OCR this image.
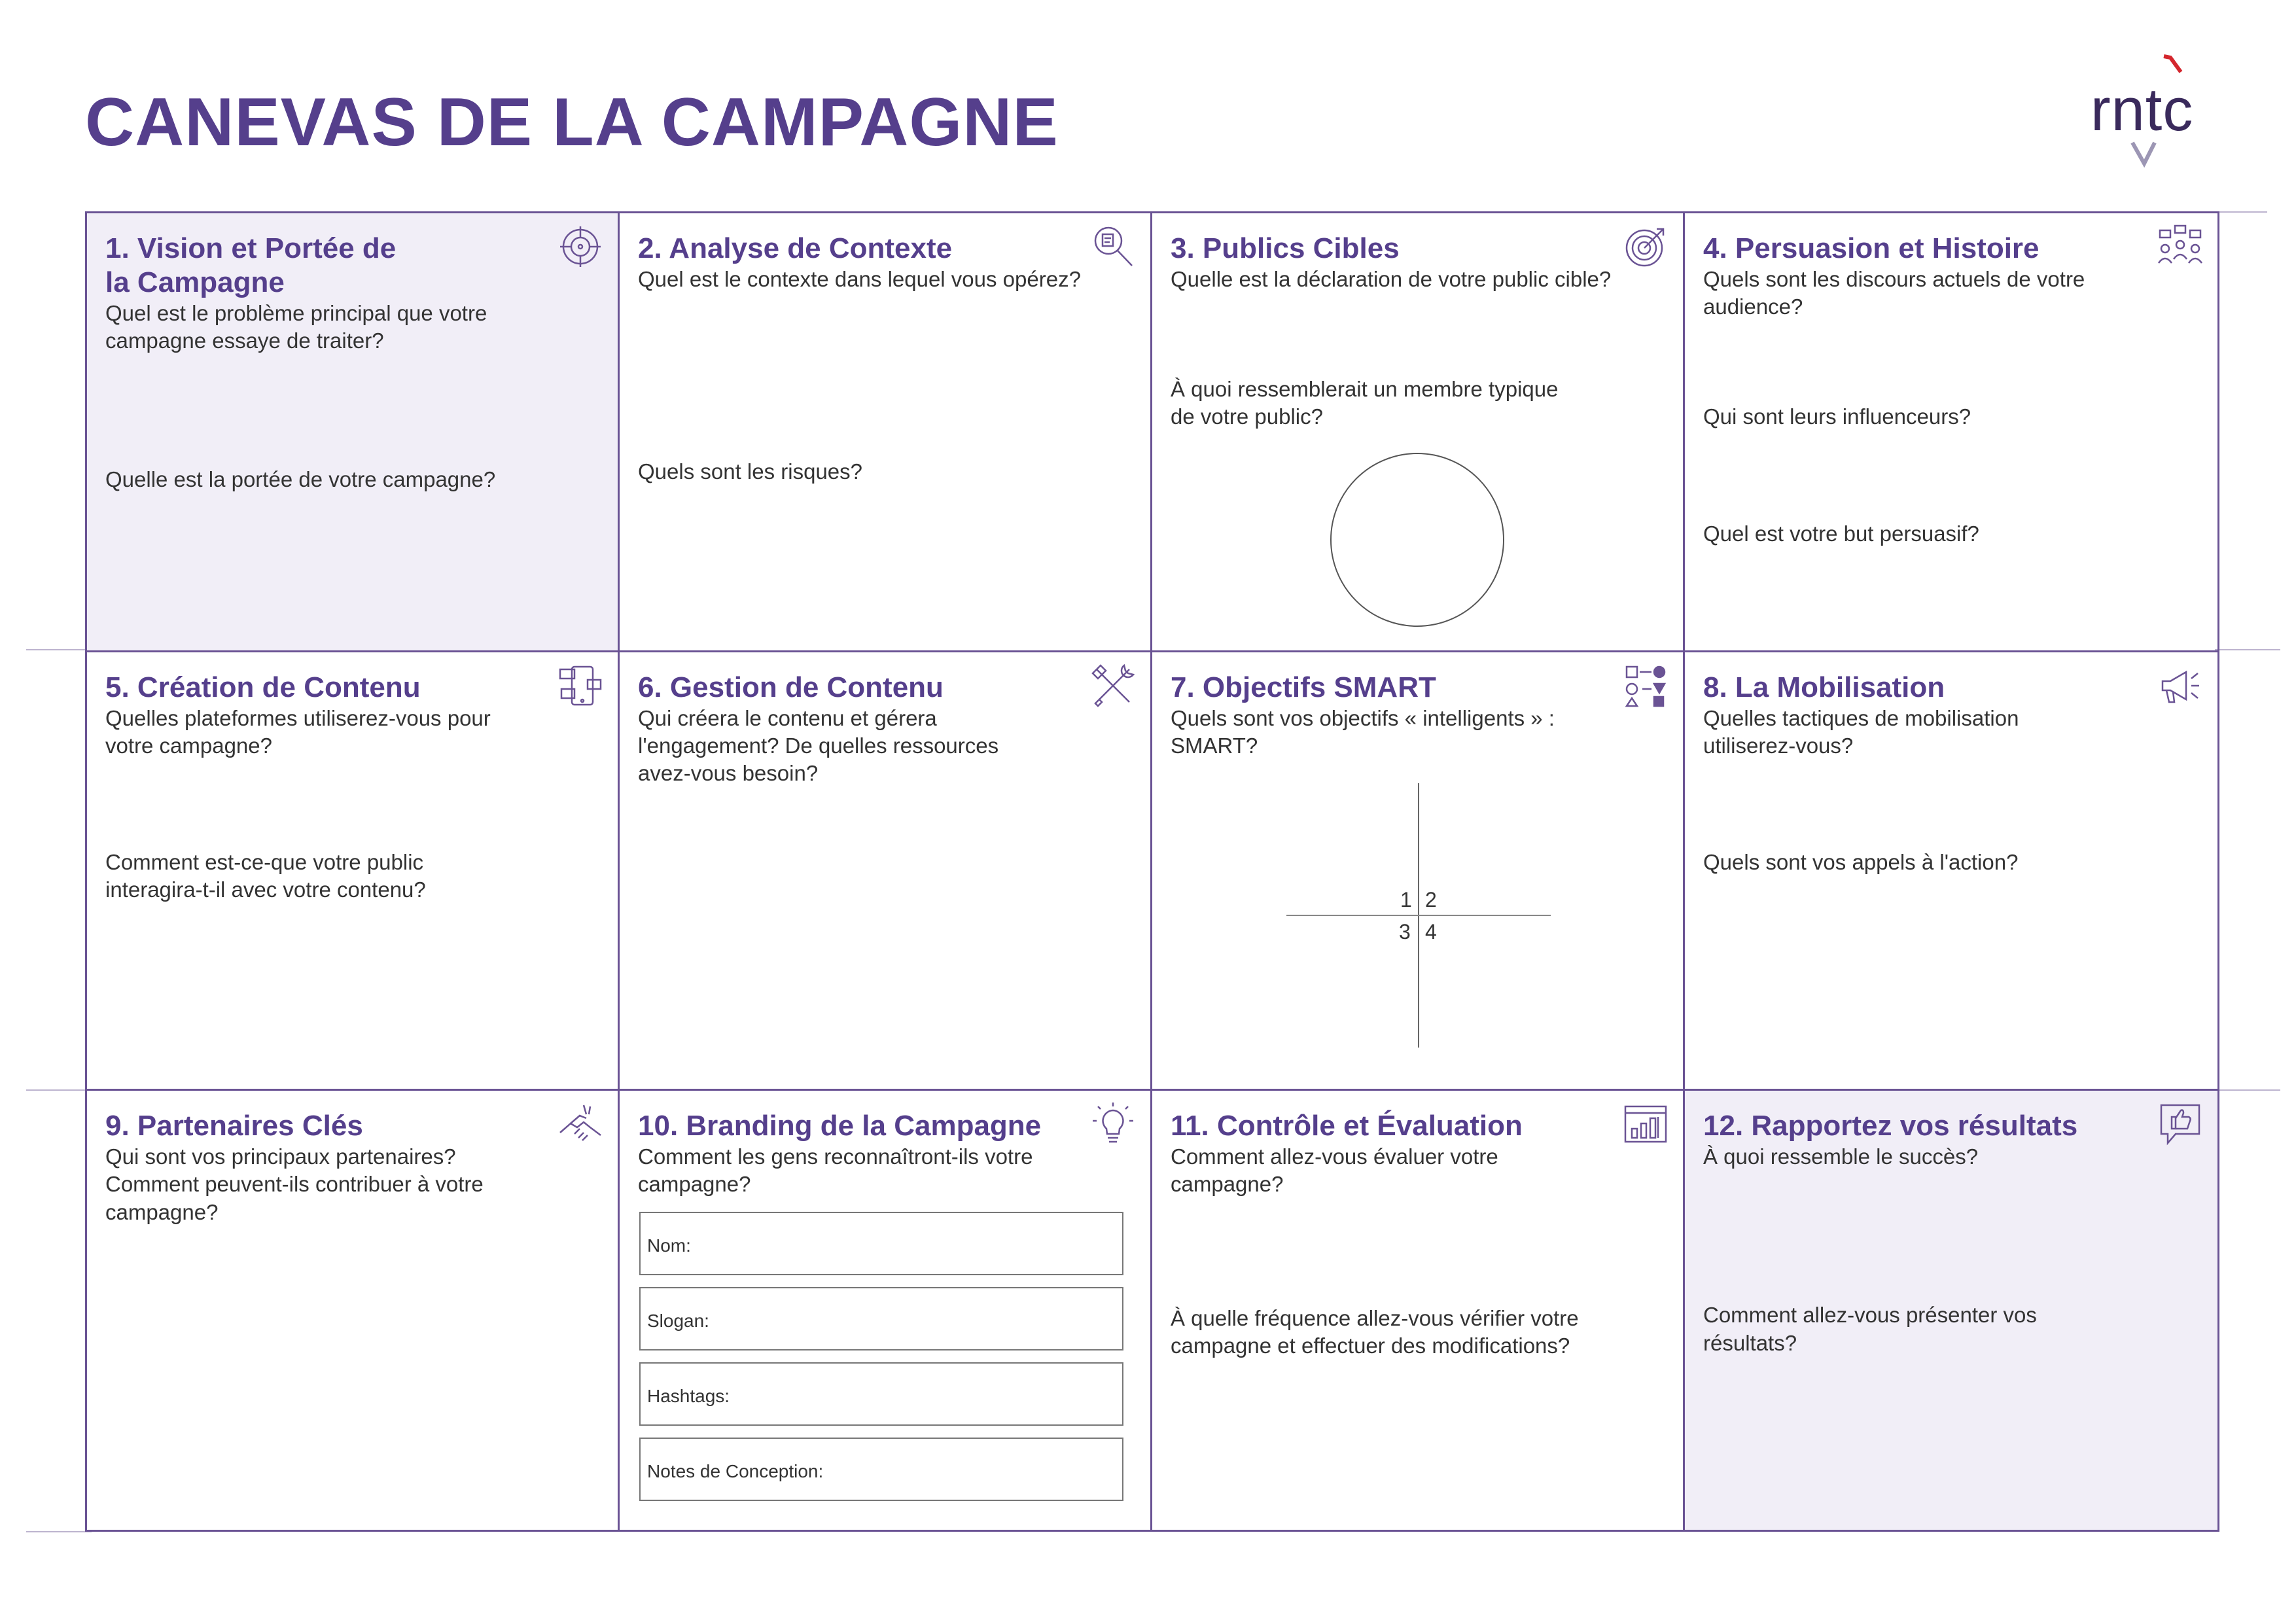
CANEVAS DE LA CAMPAGNE	rntc
1. Vision et Portée de
la Campagne

Quel est le problème principal que votre
campagne essaye de traiter?

Quelle est la portée de votre campagne?

2. Analyse de Contexte

Quel est le contexte dans lequel vous opérez?

Quels sont les risques?

3. Publics Cibles

Quelle est la déclaration de votre public cible?

À quoi ressemblerait un membre typique
de votre public?

4. Persuasion et Histoire

Quels sont les discours actuels de votre
audience?

Qui sont leurs influenceurs?

Quel est votre but persuasif?

5. Création de Contenu

Quelles plateformes utiliserez-vous pour
votre campagne?

Comment est-ce-que votre public
interagira-t-il avec votre contenu?

6. Gestion de Contenu

Qui créera le contenu et gérera
l'engagement? De quelles ressources
avez-vous besoin?

7. Objectifs SMART

Quels sont vos objectifs « intelligents » :
SMART?

1 2
3 4
8. La Mobilisation

Quelles tactiques de mobilisation
utiliserez-vous?

Quels sont vos appels à l'action?

9. Partenaires Clés

Qui sont vos principaux partenaires?
Comment peuvent-ils contribuer à votre
campagne?

10. Branding de la Campagne

Comment les gens reconnaîtront-ils votre
campagne?

Nom:
Slogan:
Hashtags:
Notes de Conception:
11. Contrôle et Évaluation

Comment allez-vous évaluer votre
campagne?

À quelle fréquence allez-vous vérifier votre
campagne et effectuer des modifications?

12. Rapportez vos résultats

À quoi ressemble le succès?

Comment allez-vous présenter vos
résultats?
